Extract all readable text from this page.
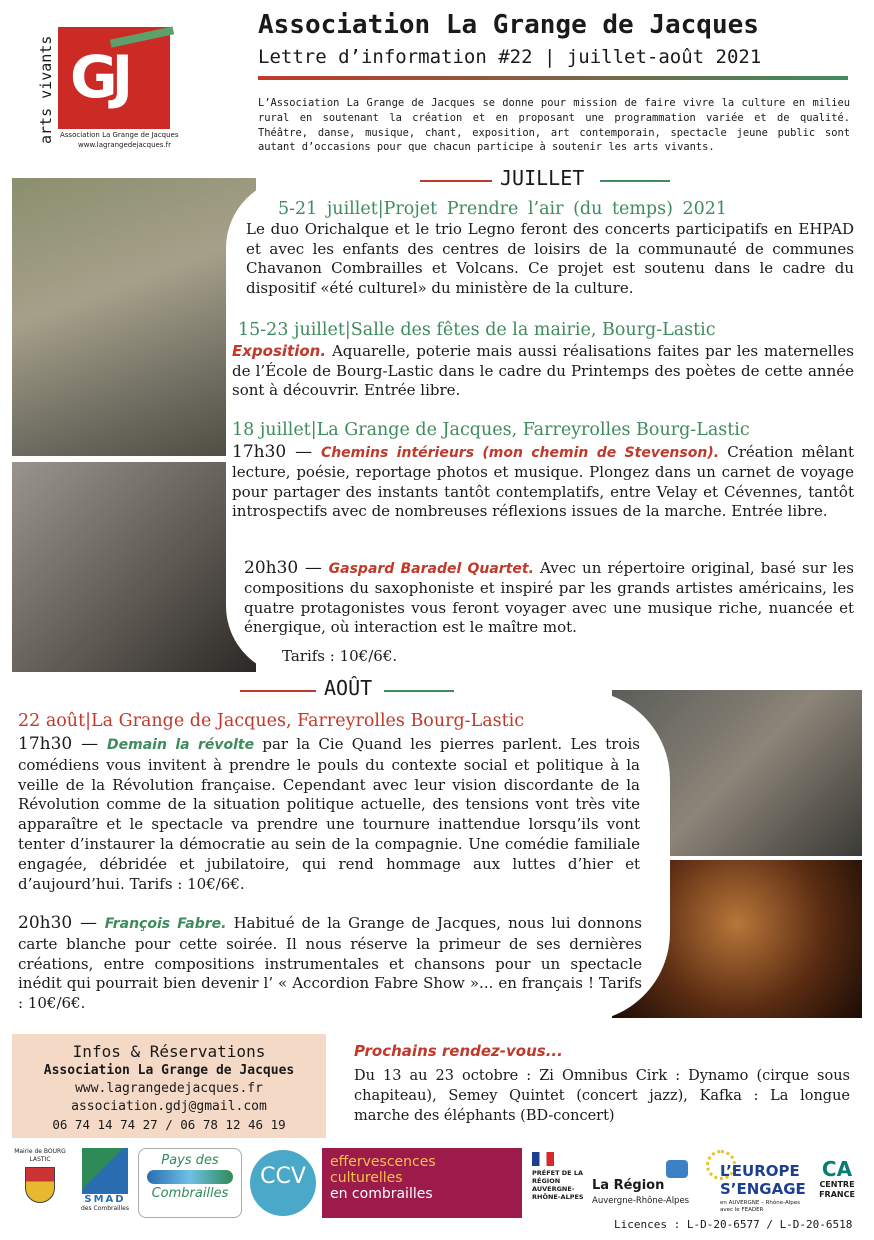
arts vivants GJ
Association La Grange de Jacques
www.lagrangedejacques.fr
Association La Grange de Jacques
Lettre d’information #22 | juillet-août 2021
L’Association La Grange de Jacques se donne pour mission de faire vivre la culture en milieu rural en soutenant la création et en proposant une programmation variée et de qualité. Théâtre, danse, musique, chant, exposition, art contemporain, spectacle jeune public sont autant d’occasions pour que chacun participe à soutenir les arts vivants.
JUILLET
5-21 juillet|Projet Prendre l’air (du temps) 2021

Le duo Orichalque et le trio Legno feront des concerts participatifs en EHPAD et avec les enfants des centres de loisirs de la communauté de communes Chavanon Combrailles et Volcans. Ce projet est soutenu dans le cadre du dispositif «été culturel» du ministère de la culture.

15-23 juillet|Salle des fêtes de la mairie, Bourg-Lastic

Exposition. Aquarelle, poterie mais aussi réalisations faites par les maternelles de l’École de Bourg-Lastic dans le cadre du Printemps des poètes de cette année sont à découvrir. Entrée libre.

18 juillet|La Grange de Jacques, Farreyrolles Bourg-Lastic

17h30 — Chemins intérieurs (mon chemin de Stevenson). Création mêlant lecture, poésie, reportage photos et musique. Plongez dans un carnet de voyage pour partager des instants tantôt contemplatifs, entre Velay et Cévennes, tantôt introspectifs avec de nombreuses réflexions issues de la marche. Entrée libre.

20h30 — Gaspard Baradel Quartet. Avec un répertoire original, basé sur les compositions du saxophoniste et inspiré par les grands artistes américains, les quatre protagonistes vous feront voyager avec une musique riche, nuancée et énergique, où interaction est le maître mot.

Tarifs : 10€/6€.
AOÛT
22 août|La Grange de Jacques, Farreyrolles Bourg-Lastic

17h30 — Demain la révolte par la Cie Quand les pierres parlent. Les trois comédiens vous invitent à prendre le pouls du contexte social et politique à la veille de la Révolution française. Cependant avec leur vision discordante de la Révolution comme de la situation politique actuelle, des tensions vont très vite apparaître et le spectacle va prendre une tournure inattendue lorsqu’ils vont tenter d’instaurer la démocratie au sein de la compagnie. Une comédie familiale engagée, débridée et jubilatoire, qui rend hommage aux luttes d’hier et d’aujourd’hui. Tarifs : 10€/6€.

20h30 — François Fabre. Habitué de la Grange de Jacques, nous lui donnons carte blanche pour cette soirée. Il nous réserve la primeur de ses dernières créations, entre compositions instrumentales et chansons pour un spectacle inédit qui pourrait bien devenir l’ « Accordion Fabre Show »... en français ! Tarifs : 10€/6€.

Infos & Réservations
Association La Grange de Jacques
www.lagrangedejacques.fr
association.gdj@gmail.com
06 74 14 74 27 / 06 78 12 46 19
Prochains rendez-vous...

Du 13 au 23 octobre : Zi Omnibus Cirk : Dynamo (cirque sous chapiteau), Semey Quintet (concert jazz), Kafka : La longue marche des éléphants (BD-concert)

Mairie de BOURG LASTIC
SMAD
des Combrailles
Pays des
Combrailles
CCV
effervescences
culturelles
en combrailles
PRÉFET DE LA RÉGION AUVERGNE-RHÔNE-ALPES
La Région
Auvergne-Rhône-Alpes
L’EUROPE
S’ENGAGE
en AUVERGNE – Rhône-Alpes avec le FEADER
CA
CENTRE FRANCE
Licences : L-D-20-6577 / L-D-20-6518
